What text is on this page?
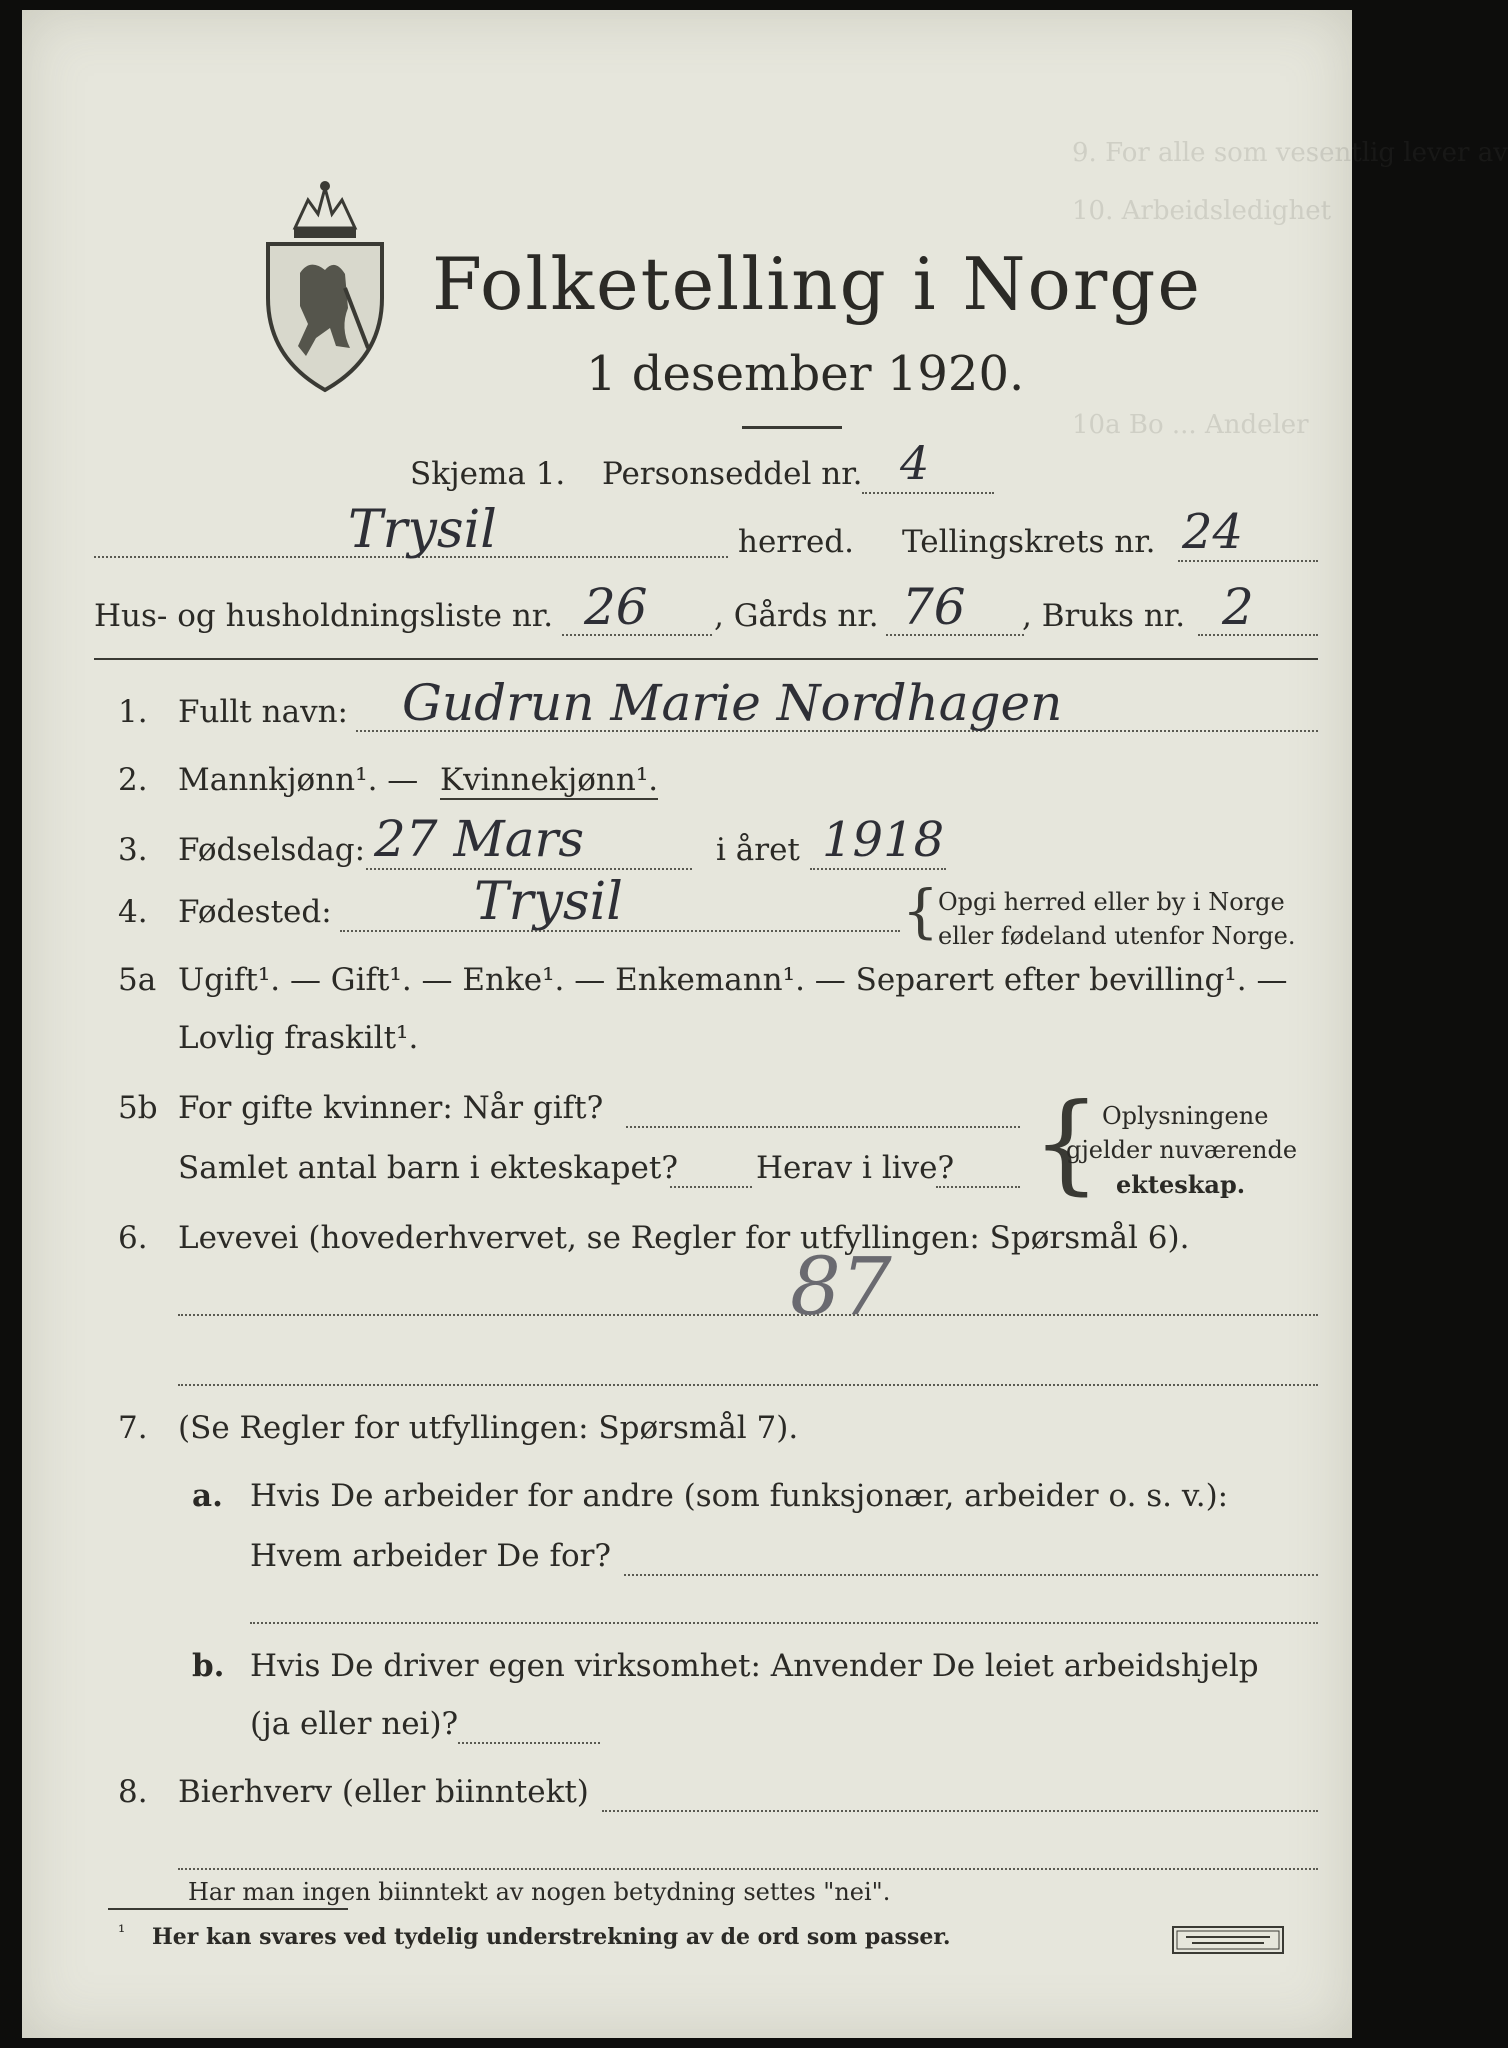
9. For alle som vesentlig lever av
10. Arbeidsledighet
10a Bo ... Andeler
Folketelling i Norge
1 desember 1920.
Skjema 1. Personseddel nr. 4
Trysil	herred. Tellingskrets nr. 24
Hus- og husholdningsliste nr. 26 , Gårds nr. 76 , Bruks nr. 2
1. Fullt navn: Gudrun Marie Nordhagen
2. Mannkjønn¹. — Kvinnekjønn¹.
3. Fødselsdag: 27 Mars	i året 1918
4. Fødested:	Trysil	{ Opgi herred eller by i Norge
eller fødeland utenfor Norge.
5a Ugift¹. — Gift¹. — Enke¹. — Enkemann¹. — Separert efter bevilling¹. —
Lovlig fraskilt¹.
5b For gifte kvinner: Når gift?
Samlet antal barn i ekteskapet?	Herav i live? { Oplysningene
gjelder nuværende
ekteskap.
6. Levevei (hovederhvervet, se Regler for utfyllingen: Spørsmål 6).
87
7. (Se Regler for utfyllingen: Spørsmål 7).
a. Hvis De arbeider for andre (som funksjonær, arbeider o. s. v.):
Hvem arbeider De for?
b. Hvis De driver egen virksomhet: Anvender De leiet arbeidshjelp
(ja eller nei)?
8. Bierhverv (eller biinntekt)
Har man ingen biinntekt av nogen betydning settes "nei".
¹ Her kan svares ved tydelig understrekning av de ord som passer.
